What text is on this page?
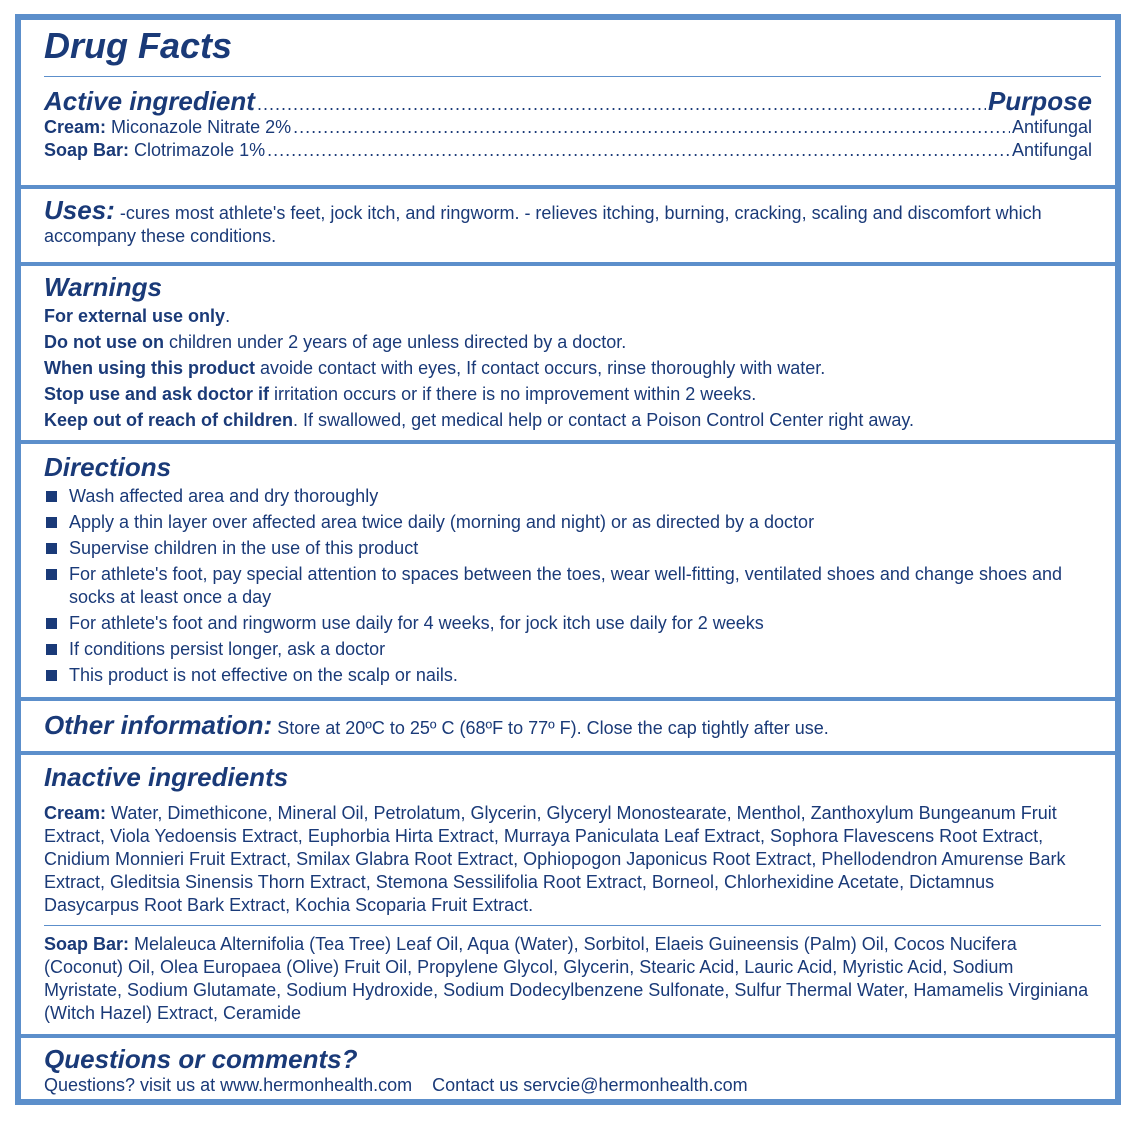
Drug Facts
Active ingredient .....	Purpose
Cream: Miconazole Nitrate 2% .....	Antifungal
Soap Bar: Clotrimazole 1% .....	Antifungal
Uses: -cures most athlete's feet, jock itch, and ringworm. - relieves itching, burning, cracking, scaling and discomfort which accompany these conditions.
Warnings
For external use only.
Do not use on children under 2 years of age unless directed by a doctor.
When using this product avoide contact with eyes, If contact occurs, rinse thoroughly with water.
Stop use and ask doctor if irritation occurs or if there is no improvement within 2 weeks.
Keep out of reach of children. If swallowed, get medical help or contact a Poison Control Center right away.
Directions
Wash affected area and dry thoroughly
Apply a thin layer over affected area twice daily (morning and night) or as directed by a doctor
Supervise children in the use of this product
For athlete's foot, pay special attention to spaces between the toes, wear well-fitting, ventilated shoes and change shoes and socks at least once a day
For athlete's foot and ringworm use daily for 4 weeks, for jock itch use daily for 2 weeks
If conditions persist longer, ask a doctor
This product is not effective on the scalp or nails.
Other information: Store at 20ºC to 25º C (68ºF to 77º F). Close the cap tightly after use.
Inactive ingredients
Cream: Water, Dimethicone, Mineral Oil, Petrolatum, Glycerin, Glyceryl Monostearate, Menthol, Zanthoxylum Bungeanum Fruit Extract, Viola Yedoensis Extract, Euphorbia Hirta Extract, Murraya Paniculata Leaf Extract, Sophora Flavescens Root Extract, Cnidium Monnieri Fruit Extract, Smilax Glabra Root Extract, Ophiopogon Japonicus Root Extract, Phellodendron Amurense Bark Extract, Gleditsia Sinensis Thorn Extract, Stemona Sessilifolia Root Extract, Borneol, Chlorhexidine Acetate, Dictamnus Dasycarpus Root Bark Extract, Kochia Scoparia Fruit Extract.
Soap Bar: Melaleuca Alternifolia (Tea Tree) Leaf Oil, Aqua (Water), Sorbitol, Elaeis Guineensis (Palm) Oil, Cocos Nucifera (Coconut) Oil, Olea Europaea (Olive) Fruit Oil, Propylene Glycol, Glycerin, Stearic Acid, Lauric Acid, Myristic Acid, Sodium Myristate, Sodium Glutamate, Sodium Hydroxide, Sodium Dodecylbenzene Sulfonate, Sulfur Thermal Water, Hamamelis Virginiana (Witch Hazel) Extract, Ceramide
Questions or comments?
Questions? visit us at www.hermonhealth.com    Contact us servcie@hermonhealth.com
